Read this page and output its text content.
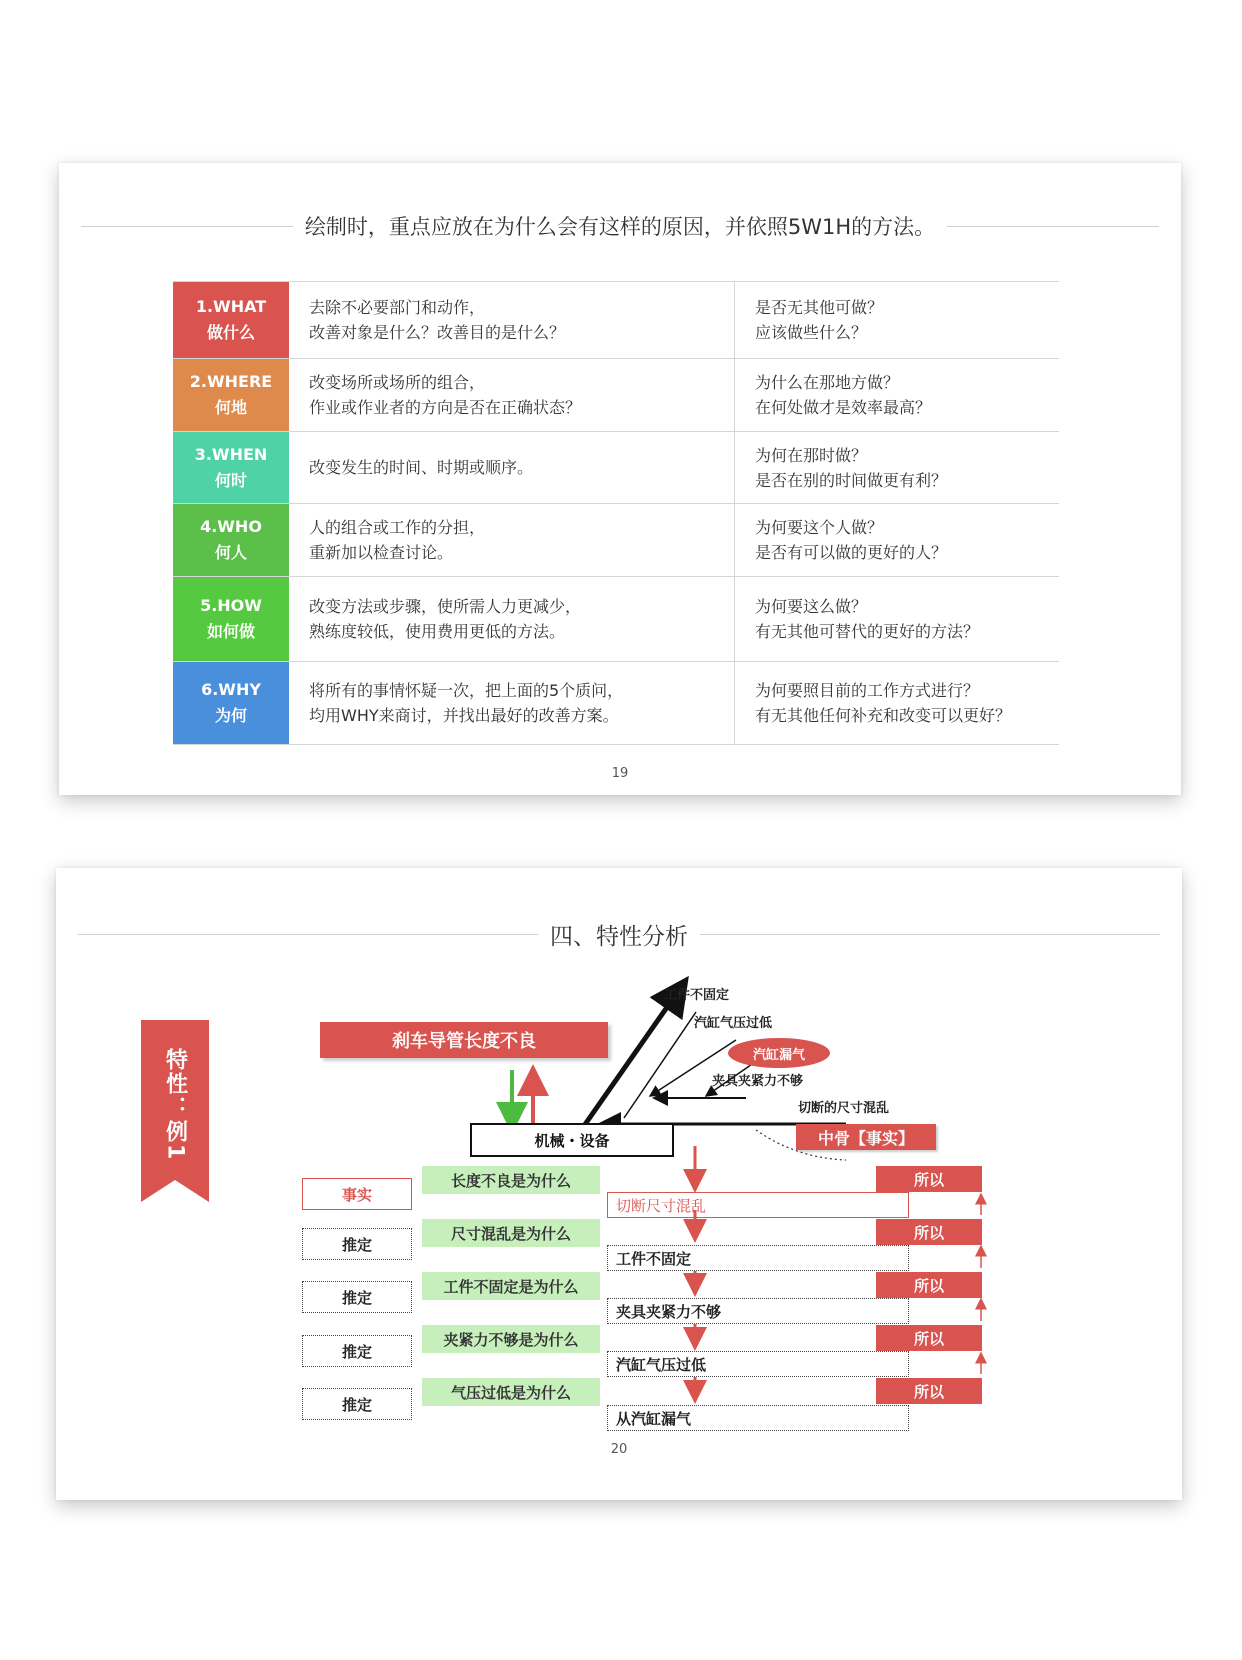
绘制时，重点应放在为什么会有这样的原因，并依照5W1H的方法。
1.WHAT
做什么
去除不必要部门和动作，
改善对象是什么？改善目的是什么？
是否无其他可做？
应该做些什么？
2.WHERE
何地
改变场所或场所的组合，
作业或作业者的方向是否在正确状态？
为什么在那地方做？
在何处做才是效率最高？
3.WHEN
何时
改变发生的时间、时期或顺序。
为何在那时做？
是否在别的时间做更有利？
4.WHO
何人
人的组合或工作的分担，
重新加以检查讨论。
为何要这个人做？
是否有可以做的更好的人？
5.HOW
如何做
改变方法或步骤，使所需人力更减少，
熟练度较低，使用费用更低的方法。
为何要这么做？
有无其他可替代的更好的方法？
6.WHY
为何
将所有的事情怀疑一次，把上面的5个质问，
均用WHY来商讨，并找出最好的改善方案。
为何要照目前的工作方式进行？
有无其他任何补充和改变可以更好？
19
四、特性分析
特性：例1
刹车导管长度不良
工件不固定
汽缸气压过低
汽缸漏气
夹具夹紧力不够
切断的尺寸混乱
机械・设备	中骨【事实】
事实
推定
推定
推定
推定
长度不良是为什么
尺寸混乱是为什么
工件不固定是为什么
夹紧力不够是为什么
气压过低是为什么
切断尺寸混乱
工件不固定
夹具夹紧力不够
汽缸气压过低
从汽缸漏气
所以
所以
所以
所以
所以
20
